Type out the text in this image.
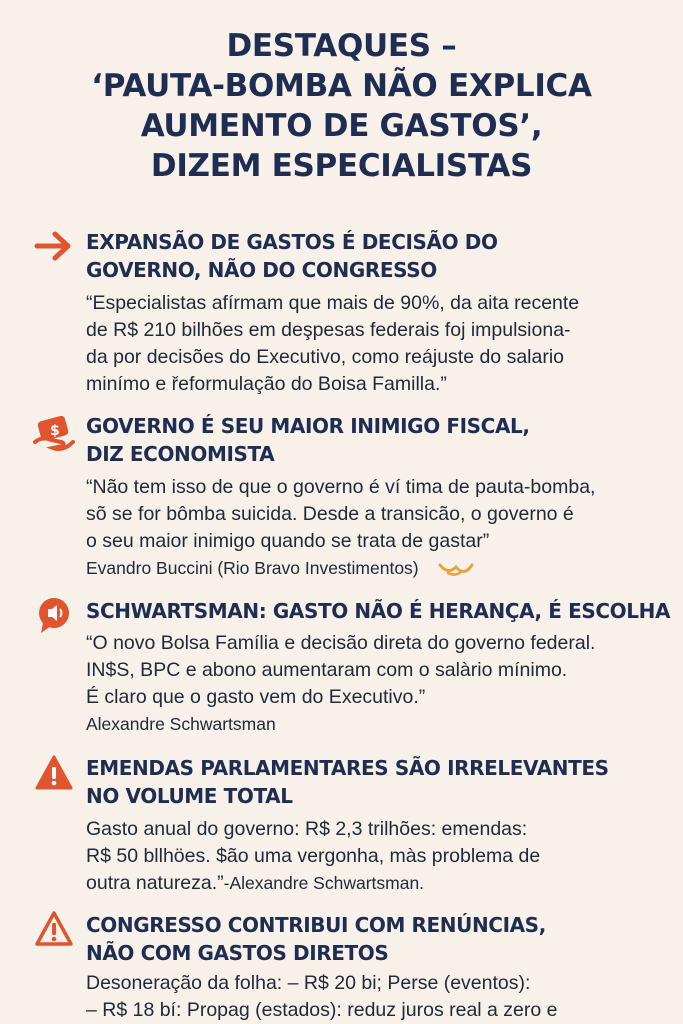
DESTAQUES –
‘PAUTA-BOMBA NÃO EXPLICA
AUMENTO DE GASTOS’,
DIZEM ESPECIALISTAS
EXPANSÃO DE GASTOS É DECISÃO DO
GOVERNO, NÃO DO CONGRESSO
“Especialistas afírmam que mais de 90%, da aita recente
de R$ 210 bilhões em deşpesas federais foj impulsiona-
da por decisões do Executivo, como reájuste do salario
minímo e řeformulação do Boisa Familla.”
$ GOVERNO É SEU MAIOR INIMIGO FISCAL,
DIZ ECONOMISTA
“Não tem isso de que o governo é ví tima de pauta-bomba,
sõ se for bômba suicida. Desde a transicão, o governo é
o seu maior inimigo quando se trata de gastar”
Evandro Buccini (Rio Bravo Investimentos)
SCHWARTSMAN: GASTO NÃO É HERANÇA, É ESCOLHA
“O novo Bolsa Família e decisão direta do governo federal.
IN$S, BPC e abono aumentaram com o salàrio mínimo.
É claro que o gasto vem do Executivo.”
Alexandre Schwartsman
EMENDAS PARLAMENTARES SÃO IRRELEVANTES
NO VOLUME TOTAL
Gasto anual do governo: R$ 2,3 trilhões: emendas:
R$ 50 bllhöes. $ão uma vergonha, màs problema de
outra natureza.”-Alexandre Schwartsman.
CONGRESSO CONTRIBUI COM RENÚNCIAS,
NÃO COM GASTOS DIRETOS
Desoneração da folha: – R$ 20 bi; Perse (eventos):
– R$ 18 bí: Propag (estados): reduz juros real a zero e
